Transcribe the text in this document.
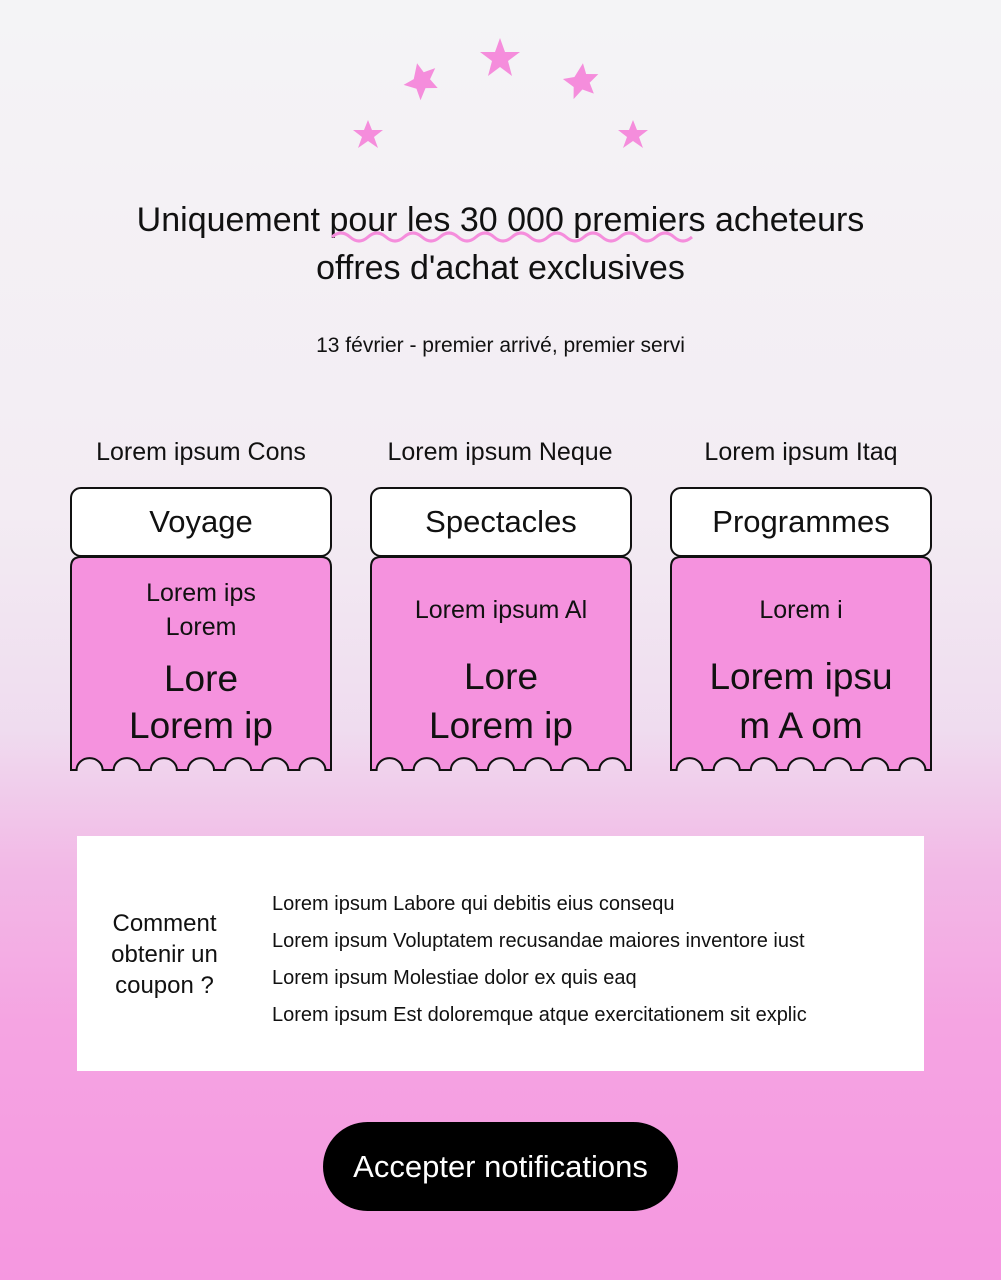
Uniquement pour les 30 000 premiers acheteurs
offres d'achat exclusives
13 février - premier arrivé, premier servi
Lorem ipsum Cons	Lorem ipsum Neque	Lorem ipsum Itaq
Voyage
Lorem ips
Lorem
Lore
Lorem ip
Spectacles
Lorem ipsum Al
Lore
Lorem ip
Programmes
Lorem i
Lorem ipsu
m A om
Comment obtenir un coupon ?
Lorem ipsum Labore qui debitis eius consequ
Lorem ipsum Voluptatem recusandae maiores inventore iust
Lorem ipsum Molestiae dolor ex quis eaq
Lorem ipsum Est doloremque atque exercitationem sit explic
Accepter notifications
